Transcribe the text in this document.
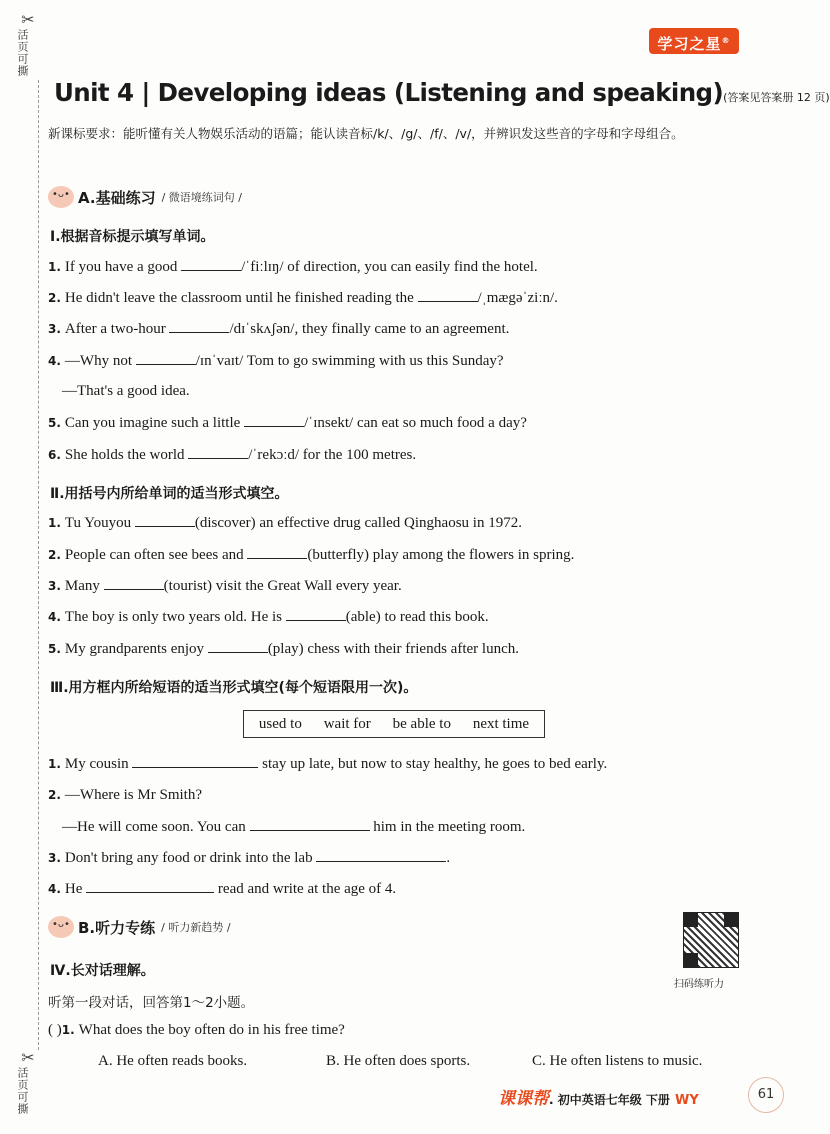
✂
活页可撕
✂
活页可撕
学习之星®
Unit 4 | Developing ideas (Listening and speaking)(答案见答案册 12 页)
新课标要求：能听懂有关人物娱乐活动的语篇；能认读音标/k/、/g/、/f/、/v/，并辨识发这些音的字母和字母组合。
•ᴗ•
A.基础练习 / 微语境练词句 /
Ⅰ.根据音标提示填写单词。
1. If you have a good	/ˈfiːlɪŋ/ of direction, you can easily find the hotel.
2. He didn't leave the classroom until he finished reading the	/ˌmægəˈziːn/.
3. After a two-hour	/dɪˈskʌʃən/, they finally came to an agreement.
4. —Why not	/ɪnˈvaɪt/ Tom to go swimming with us this Sunday?
—That's a good idea.
5. Can you imagine such a little	/ˈɪnsekt/ can eat so much food a day?
6. She holds the world	/ˈrekɔːd/ for the 100 metres.
Ⅱ.用括号内所给单词的适当形式填空。
1. Tu Youyou	(discover) an effective drug called Qinghaosu in 1972.
2. People can often see bees and	(butterfly) play among the flowers in spring.
3. Many	(tourist) visit the Great Wall every year.
4. The boy is only two years old. He is	(able) to read this book.
5. My grandparents enjoy	(play) chess with their friends after lunch.
Ⅲ.用方框内所给短语的适当形式填空(每个短语限用一次)。
used to wait for be able to next time
1. My cousin	stay up late, but now to stay healthy, he goes to bed early.
2. —Where is Mr Smith?
—He will come soon. You can	him in the meeting room.
3. Don't bring any food or drink into the lab	.
4. He	read and write at the age of 4.
•ᴗ•
B.听力专练 / 听力新趋势 /
扫码练听力
Ⅳ.长对话理解。
听第一段对话，回答第1～2小题。
( )1. What does the boy often do in his free time?
A. He often reads books.	B. He often does sports.	C. He often listens to music.
课课帮. 初中英语七年级 下册 WY	61
